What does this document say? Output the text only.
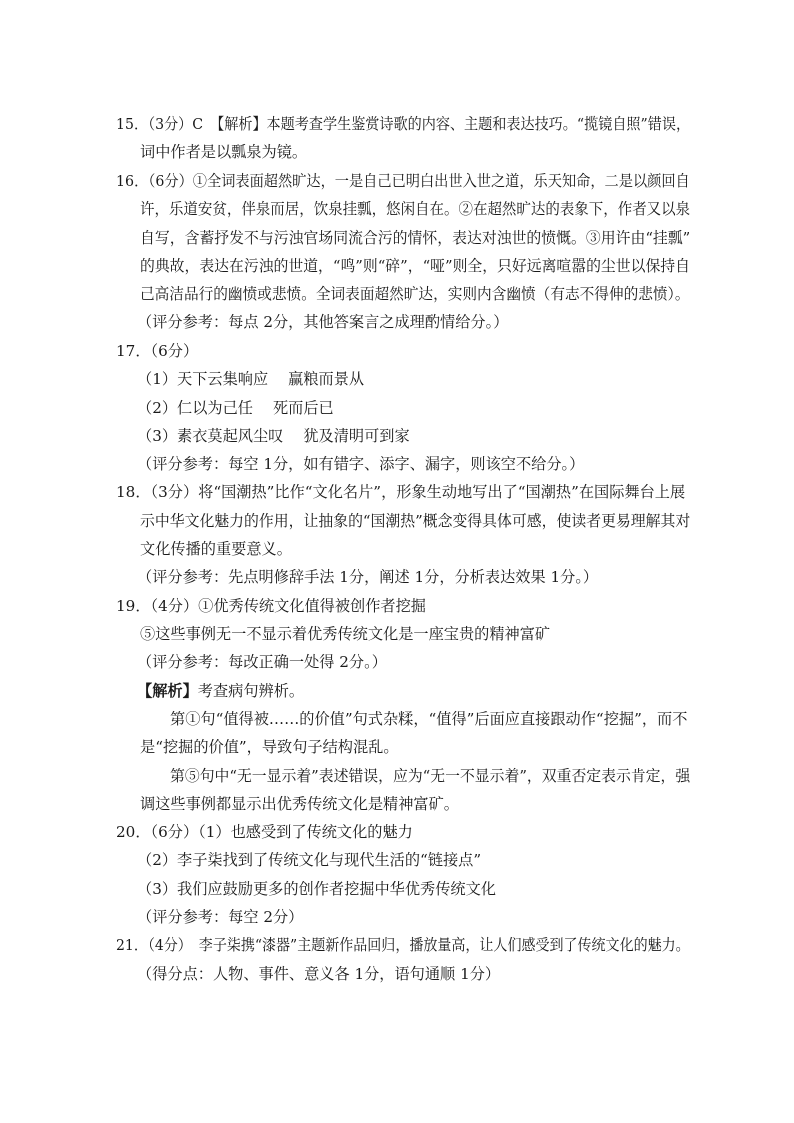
15．（3分）C　【解析】本题考查学生鉴赏诗歌的内容、主题和表达技巧。“揽镜自照”错误，
词中作者是以瓢泉为镜。
16．（6分）①全词表面超然旷达，一是自己已明白出世入世之道，乐天知命，二是以颜回自
许，乐道安贫，伴泉而居，饮泉挂瓢，悠闲自在。②在超然旷达的表象下，作者又以泉
自写，含蓄抒发不与污浊官场同流合污的情怀，表达对浊世的愤慨。③用许由“挂瓢”
的典故，表达在污浊的世道，“鸣”则“碎”，“哑”则全，只好远离喧嚣的尘世以保持自
己高洁品行的幽愤或悲愤。全词表面超然旷达，实则内含幽愤（有志不得伸的悲愤）。
（评分参考：每点 2分，其他答案言之成理酌情给分。）
17．（6分）
（1）天下云集响应　 赢粮而景从
（2）仁以为己任　 死而后已
（3）素衣莫起风尘叹　 犹及清明可到家
（评分参考：每空 1分，如有错字、添字、漏字，则该空不给分。）
18．（3分）将“国潮热”比作“文化名片”，形象生动地写出了“国潮热”在国际舞台上展
示中华文化魅力的作用，让抽象的“国潮热”概念变得具体可感，使读者更易理解其对
文化传播的重要意义。
（评分参考：先点明修辞手法 1分，阐述 1分，分析表达效果 1分。）
19．（4分）①优秀传统文化值得被创作者挖掘
⑤这些事例无一不显示着优秀传统文化是一座宝贵的精神富矿
（评分参考：每改正确一处得 2分。）
【解析】考查病句辨析。
第①句“值得被……的价值”句式杂糅，“值得”后面应直接跟动作“挖掘”，而不
是“挖掘的价值”，导致句子结构混乱。
第⑤句中“无一显示着”表述错误，应为“无一不显示着”，双重否定表示肯定，强
调这些事例都显示出优秀传统文化是精神富矿。
20．（6分）（1）也感受到了传统文化的魅力
（2）李子柒找到了传统文化与现代生活的“链接点”
（3）我们应鼓励更多的创作者挖掘中华优秀传统文化
（评分参考：每空 2分）
21．（4分）　李子柒携“漆器”主题新作品回归，播放量高，让人们感受到了传统文化的魅力。
（得分点：人物、事件、意义各 1分，语句通顺 1分）
